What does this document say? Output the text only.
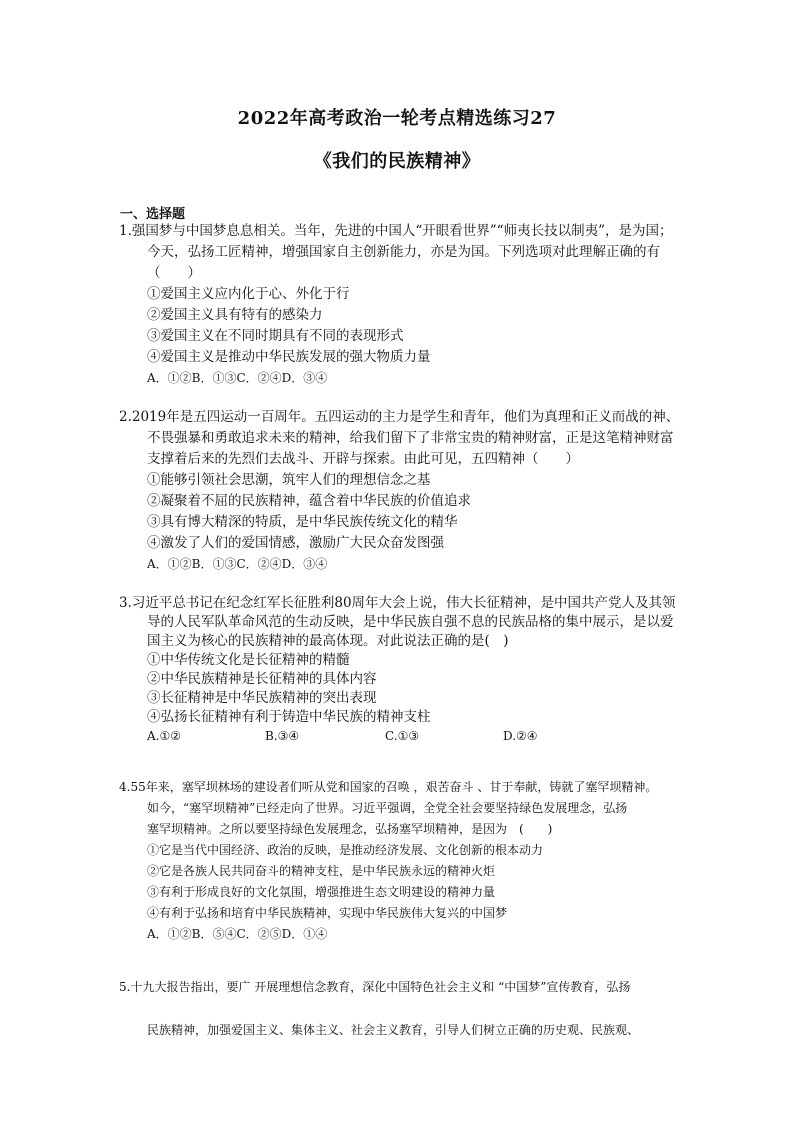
2022年高考政治一轮考点精选练习27
《我们的民族精神》
一、选择题
1.强国梦与中国梦息息相关。当年，先进的中国人“开眼看世界”“师夷长技以制夷”，是为国；
今天，弘扬工匠精神，增强国家自主创新能力，亦是为国。下列选项对此理解正确的有
（　　）
①爱国主义应内化于心、外化于行
②爱国主义具有特有的感染力
③爱国主义在不同时期具有不同的表现形式
④爱国主义是推动中华民族发展的强大物质力量
A．①②B．①③C．②④D．③④
2.2019年是五四运动一百周年。五四运动的主力是学生和青年，他们为真理和正义而战的神、
不畏强暴和勇敢追求未来的精神，给我们留下了非常宝贵的精神财富，正是这笔精神财富
支撑着后来的先烈们去战斗、开辟与探索。由此可见，五四精神（　　）
①能够引领社会思潮，筑牢人们的理想信念之基
②凝聚着不屈的民族精神，蕴含着中华民族的价值追求
③具有博大精深的特质，是中华民族传统文化的精华
④激发了人们的爱国情感，激励广大民众奋发图强
A．①②B．①③C．②④D．③④
3.习近平总书记在纪念红军长征胜利80周年大会上说，伟大长征精神，是中国共产党人及其领
导的人民军队革命风范的生动反映，是中华民族自强不息的民族品格的集中展示，是以爱
国主义为核心的民族精神的最高体现。对此说法正确的是(　)
①中华传统文化是长征精神的精髓
②中华民族精神是长征精神的具体内容
③长征精神是中华民族精神的突出表现
④弘扬长征精神有利于铸造中华民族的精神支柱
A.①②	B.③④	C.①③	D.②④
4.55年来，塞罕坝林场的建设者们听从党和国家的召唤 ，艰苦奋斗 、甘于奉献，铸就了塞罕坝精神。
如今，“塞罕坝精神”已经走向了世界。习近平强调，全党全社会要坚持绿色发展理念，弘扬
塞罕坝精神。之所以要坚持绿色发展理念，弘扬塞罕坝精神，是因为　(　　)
①它是当代中国经济、政治的反映，是推动经济发展、文化创新的根本动力
②它是各族人民共同奋斗的精神支柱，是中华民族永远的精神火炬
③有利于形成良好的文化氛围，增强推进生态文明建设的精神力量
④有利于弘扬和培育中华民族精神，实现中华民族伟大复兴的中国梦
A．①②B．⑤④C．②⑤D．①④
5.十九大报告指出，要广 开展理想信念教育，深化中国特色社会主义和 “中国梦”宣传教育，弘扬
民族精神，加强爱国主义、集体主义、社会主义教育，引导人们树立正确的历史观、民族观、
